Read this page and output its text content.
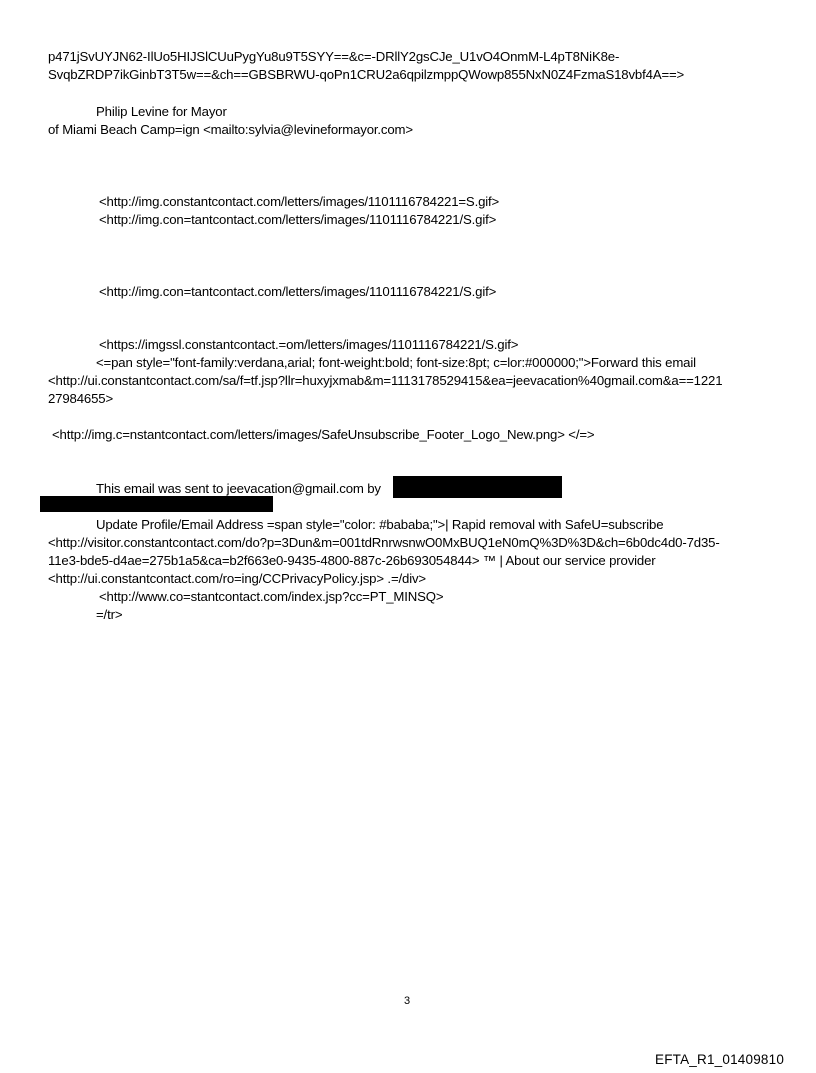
p471jSvUYJN62-IlUo5HIJSlCUuPygYu8u9T5SYY==&c=-DRllY2gsCJe_U1vO4OnmM-L4pT8NiK8e-
SvqbZRDP7ikGinbT3T5w==&ch==GBSBRWU-qoPn1CRU2a6qpilzmppQWowp855NxN0Z4FzmaS18vbf4A==>
Philip Levine for Mayor
of Miami Beach Camp=ign <mailto:sylvia@levineformayor.com>
<http://img.constantcontact.com/letters/images/1101116784221=S.gif>
<http://img.con=tantcontact.com/letters/images/1101116784221/S.gif>
<http://img.con=tantcontact.com/letters/images/1101116784221/S.gif>
<https://imgssl.constantcontact.=om/letters/images/1101116784221/S.gif>
<=pan style="font-family:verdana,arial; font-weight:bold; font-size:8pt; c=lor:#000000;">Forward this email
<http://ui.constantcontact.com/sa/f=tf.jsp?llr=huxyjxmab&m=1113178529415&ea=jeevacation%40gmail.com&a==1221
27984655>
<http://img.c=nstantcontact.com/letters/images/SafeUnsubscribe_Footer_Logo_New.png> </=>
This email was sent to jeevacation@gmail.com by
Update Profile/Email Address =span style="color: #bababa;">| Rapid removal with SafeU=subscribe
<http://visitor.constantcontact.com/do?p=3Dun&m=001tdRnrwsnwO0MxBUQ1eN0mQ%3D%3D&ch=6b0dc4d0-7d35-
11e3-bde5-d4ae=275b1a5&ca=b2f663e0-9435-4800-887c-26b693054844> ™ | About our service provider
<http://ui.constantcontact.com/ro=ing/CCPrivacyPolicy.jsp> .=/div>
<http://www.co=stantcontact.com/index.jsp?cc=PT_MINSQ>
=/tr>
3
EFTA_R1_01409810
